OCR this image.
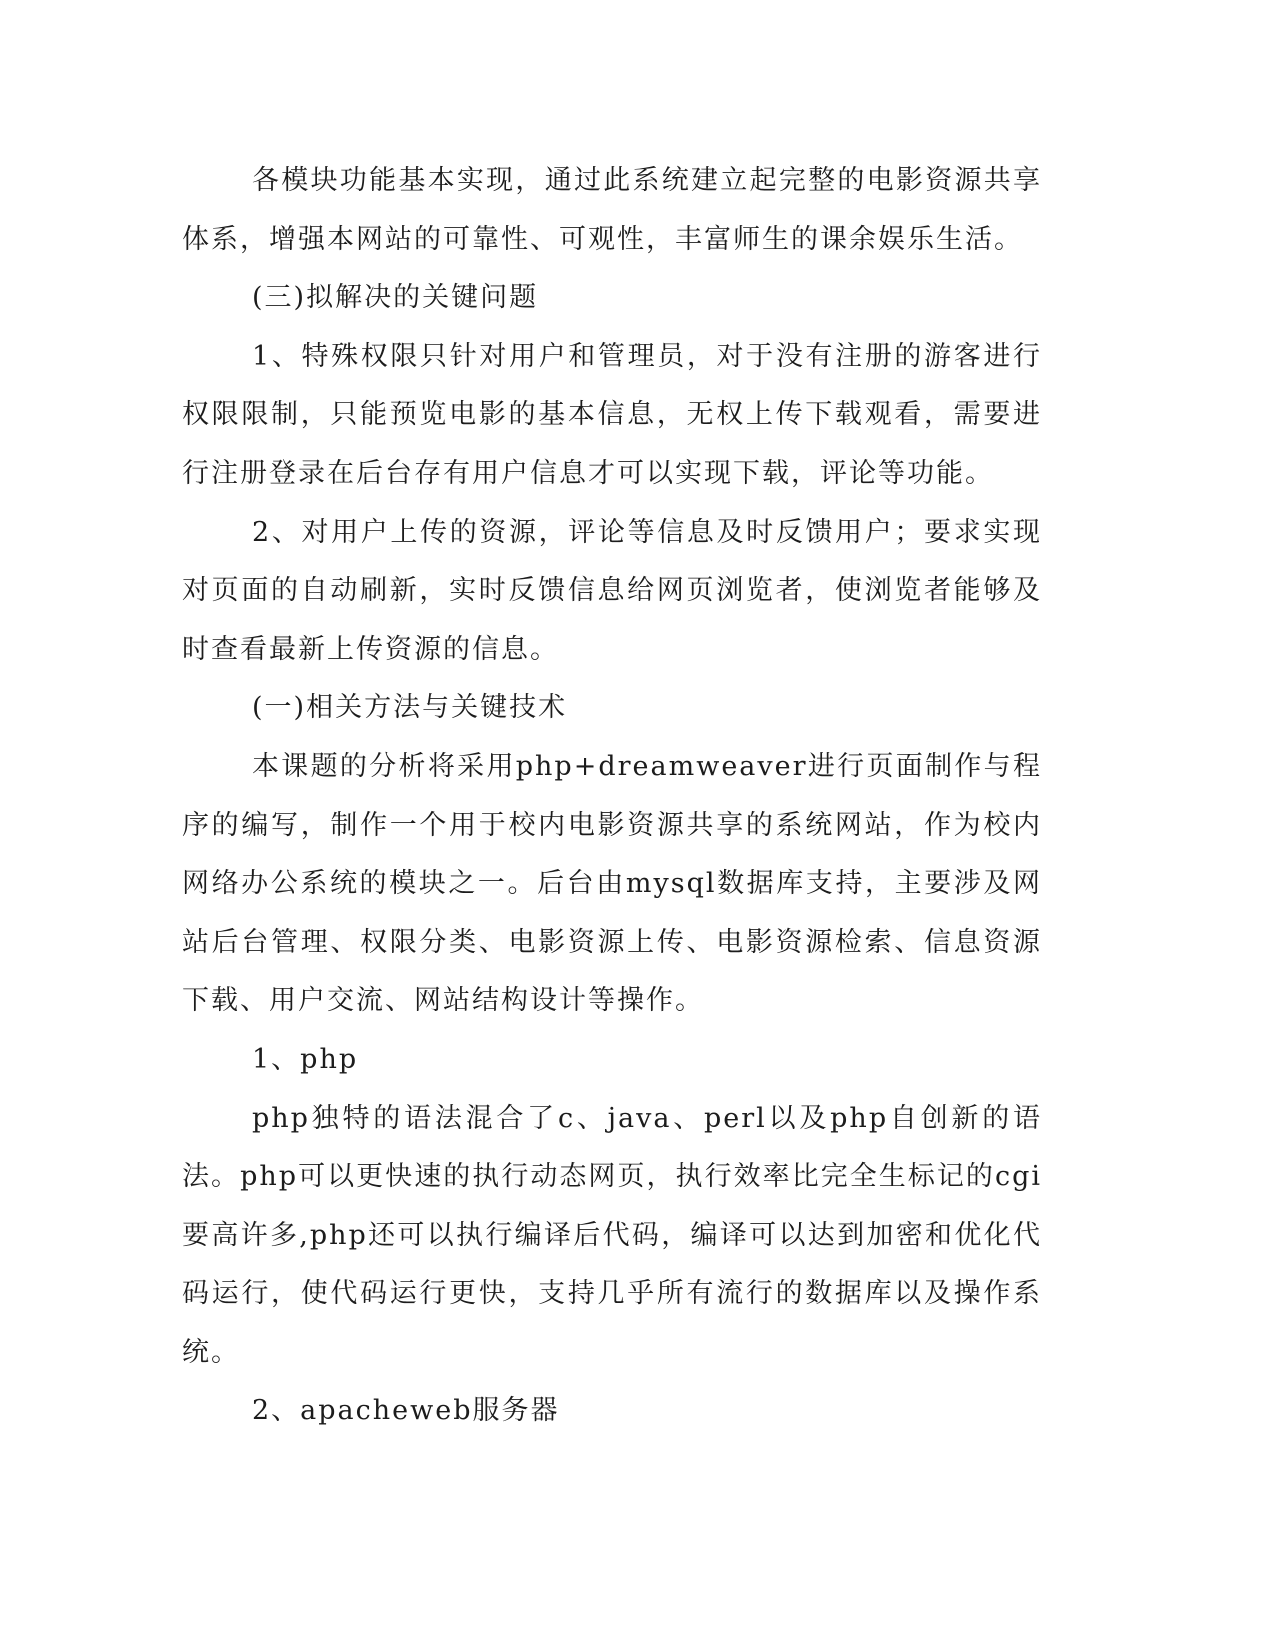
各模块功能基本实现，通过此系统建立起完整的电影资源共享体系，增强本网站的可靠性、可观性，丰富师生的课余娱乐生活。

(三)拟解决的关键问题

1、特殊权限只针对用户和管理员，对于没有注册的游客进行权限限制，只能预览电影的基本信息，无权上传下载观看，需要进行注册登录在后台存有用户信息才可以实现下载，评论等功能。

2、对用户上传的资源，评论等信息及时反馈用户；要求实现对页面的自动刷新，实时反馈信息给网页浏览者，使浏览者能够及时查看最新上传资源的信息。

(一)相关方法与关键技术

本课题的分析将采用php+dreamweaver进行页面制作与程序的编写，制作一个用于校内电影资源共享的系统网站，作为校内网络办公系统的模块之一。后台由mysql数据库支持，主要涉及网站后台管理、权限分类、电影资源上传、电影资源检索、信息资源下载、用户交流、网站结构设计等操作。

1、php

php独特的语法混合了c、java、perl以及php自创新的语法。php可以更快速的执行动态网页，执行效率比完全生标记的cgi要高许多,php还可以执行编译后代码，编译可以达到加密和优化代码运行，使代码运行更快，支持几乎所有流行的数据库以及操作系统。

2、apacheweb服务器
